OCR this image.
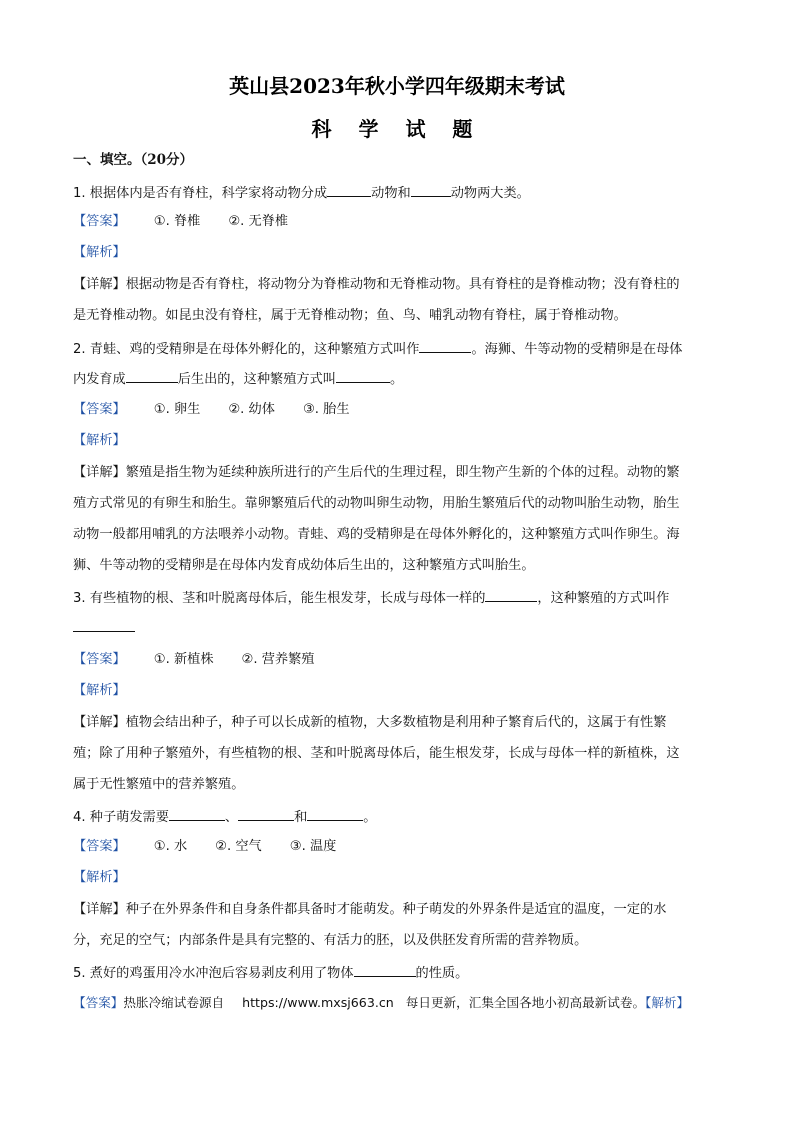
英山县2023年秋小学四年级期末考试
科 学 试 题
一、填空。（20分）
1. 根据体内是否有脊柱，科学家将动物分成	动物和	动物两大类。
【答案】 ①. 脊椎 ②. 无脊椎
【解析】
【详解】根据动物是否有脊柱，将动物分为脊椎动物和无脊椎动物。具有脊柱的是脊椎动物；没有脊柱的
是无脊椎动物。如昆虫没有脊柱，属于无脊椎动物；鱼、鸟、哺乳动物有脊柱，属于脊椎动物。
2. 青蛙、鸡的受精卵是在母体外孵化的，这种繁殖方式叫作	。海狮、牛等动物的受精卵是在母体
内发育成	后生出的，这种繁殖方式叫	。
【答案】 ①. 卵生 ②. 幼体 ③. 胎生
【解析】
【详解】繁殖是指生物为延续种族所进行的产生后代的生理过程，即生物产生新的个体的过程。动物的繁
殖方式常见的有卵生和胎生。靠卵繁殖后代的动物叫卵生动物，用胎生繁殖后代的动物叫胎生动物，胎生
动物一般都用哺乳的方法喂养小动物。青蛙、鸡的受精卵是在母体外孵化的，这种繁殖方式叫作卵生。海
狮、牛等动物的受精卵是在母体内发育成幼体后生出的，这种繁殖方式叫胎生。
3. 有些植物的根、茎和叶脱离母体后，能生根发芽，长成与母体一样的	，这种繁殖的方式叫作
【答案】 ①. 新植株 ②. 营养繁殖
【解析】
【详解】植物会结出种子，种子可以长成新的植物，大多数植物是利用种子繁育后代的，这属于有性繁
殖；除了用种子繁殖外，有些植物的根、茎和叶脱离母体后，能生根发芽，长成与母体一样的新植株，这
属于无性繁殖中的营养繁殖。
4. 种子萌发需要	、	和	。
【答案】 ①. 水 ②. 空气 ③. 温度
【解析】
【详解】种子在外界条件和自身条件都具备时才能萌发。种子萌发的外界条件是适宜的温度，一定的水
分，充足的空气；内部条件是具有完整的、有活力的胚，以及供胚发育所需的营养物质。
5. 煮好的鸡蛋用冷水冲泡后容易剥皮利用了物体	的性质。
【答案】热胀冷缩试卷源自 https://www.mxsj663.cn 每日更新，汇集全国各地小初高最新试卷。【解析】
